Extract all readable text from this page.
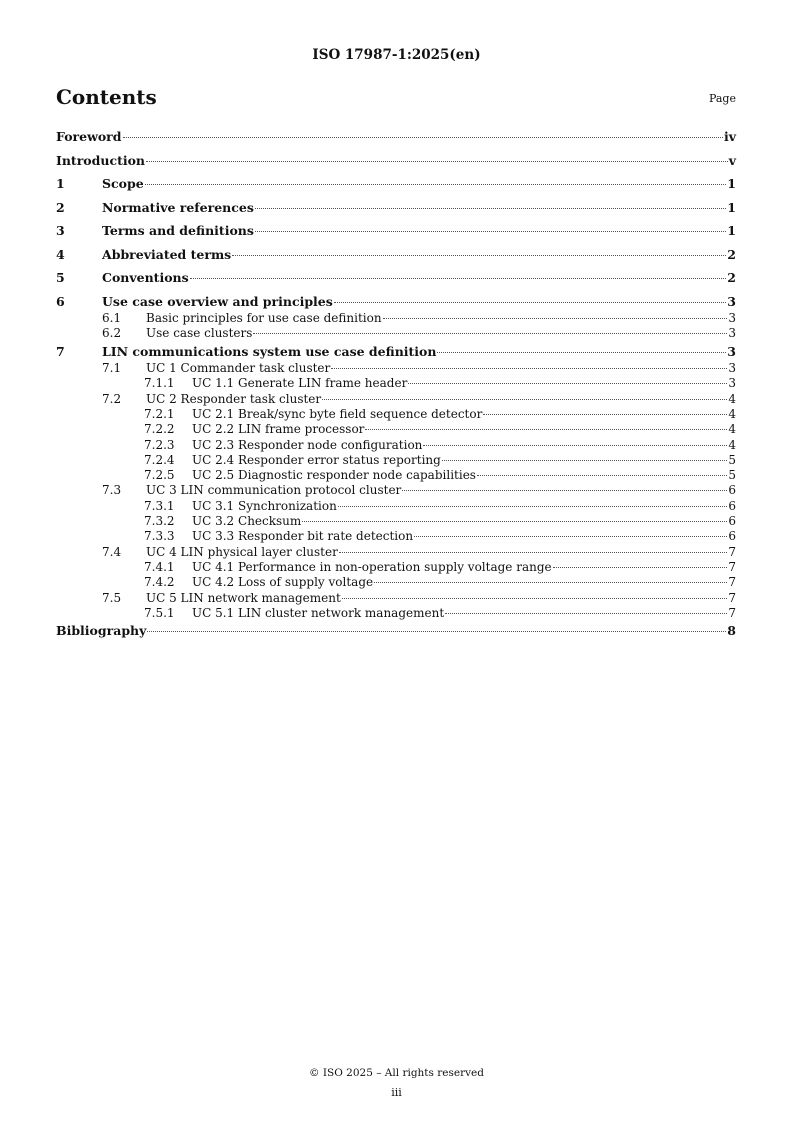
ISO 17987-1:2025(en)
Contents	Page
Foreword	iv
Introduction	v
1	Scope	1
2	Normative references	1
3	Terms and definitions	1
4	Abbreviated terms	2
5	Conventions	2
6	Use case overview and principles	3
6.1	Basic principles for use case definition	3
6.2	Use case clusters	3
7	LIN communications system use case definition	3
7.1	UC 1 Commander task cluster	3
7.1.1	UC 1.1 Generate LIN frame header	3
7.2	UC 2 Responder task cluster	4
7.2.1	UC 2.1 Break/sync byte field sequence detector	4
7.2.2	UC 2.2 LIN frame processor	4
7.2.3	UC 2.3 Responder node configuration	4
7.2.4	UC 2.4 Responder error status reporting	5
7.2.5	UC 2.5 Diagnostic responder node capabilities	5
7.3	UC 3 LIN communication protocol cluster	6
7.3.1	UC 3.1 Synchronization	6
7.3.2	UC 3.2 Checksum	6
7.3.3	UC 3.3 Responder bit rate detection	6
7.4	UC 4 LIN physical layer cluster	7
7.4.1	UC 4.1 Performance in non-operation supply voltage range	7
7.4.2	UC 4.2 Loss of supply voltage	7
7.5	UC 5 LIN network management	7
7.5.1	UC 5.1 LIN cluster network management	7
Bibliography	8
© ISO 2025 – All rights reserved
iii
